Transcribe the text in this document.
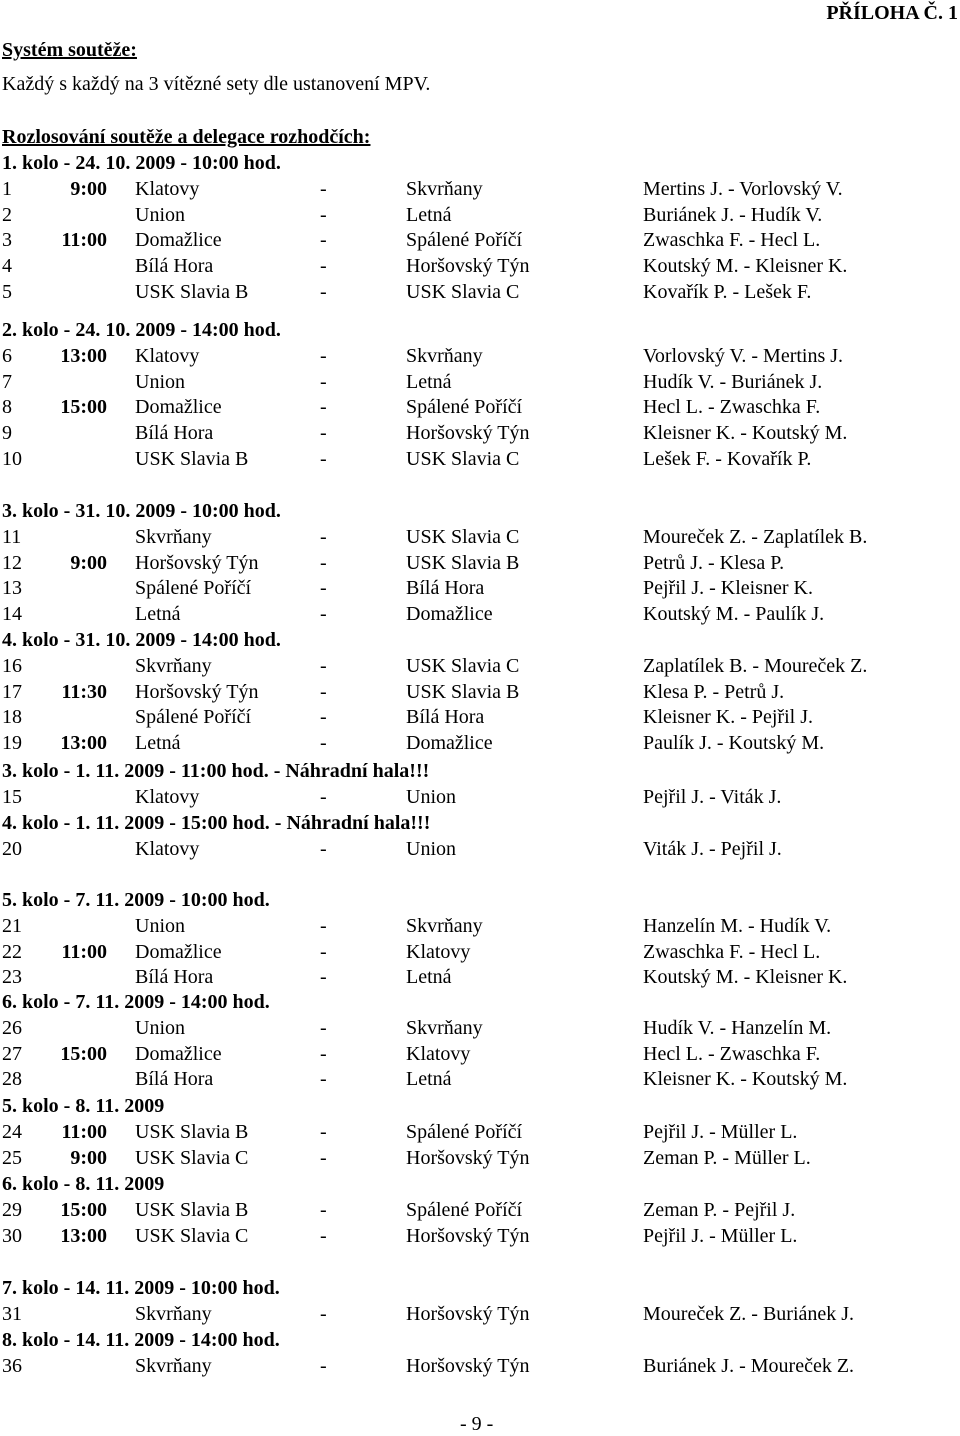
PŘÍLOHA Č. 1
Systém soutěže:
Každý s každý na 3 vítězné sety dle ustanovení MPV.
Rozlosování soutěže a delegace rozhodčích:
1. kolo - 24. 10. 2009 - 10:00 hod.
1	9:00 Klatovy	-	Skvrňany	Mertins J. - Vorlovský V.
2	Union	-	Letná	Buriánek J. - Hudík V.
3 11:00 Domažlice	-	Spálené Poříčí	Zwaschka F. - Hecl L.
4	Bílá Hora	-	Horšovský Týn	Koutský M. - Kleisner K.
5	USK Slavia B	-	USK Slavia C	Kovařík P. - Lešek F.
2. kolo - 24. 10. 2009 - 14:00 hod.
6 13:00 Klatovy	-	Skvrňany	Vorlovský V. - Mertins J.
7	Union	-	Letná	Hudík V. - Buriánek J.
8 15:00 Domažlice	-	Spálené Poříčí	Hecl L. - Zwaschka F.
9	Bílá Hora	-	Horšovský Týn	Kleisner K. - Koutský M.
10	USK Slavia B	-	USK Slavia C	Lešek F. - Kovařík P.
3. kolo - 31. 10. 2009 - 10:00 hod.
11	Skvrňany	-	USK Slavia C	Moureček Z. - Zaplatílek B.
12 9:00 Horšovský Týn	-	USK Slavia B	Petrů J. - Klesa P.
13	Spálené Poříčí	-	Bílá Hora	Pejřil J. - Kleisner K.
14	Letná	-	Domažlice	Koutský M. - Paulík J.
4. kolo - 31. 10. 2009 - 14:00 hod.
16	Skvrňany	-	USK Slavia C	Zaplatílek B. - Moureček Z.
17 11:30 Horšovský Týn	-	USK Slavia B	Klesa P. - Petrů J.
18	Spálené Poříčí	-	Bílá Hora	Kleisner K. - Pejřil J.
19 13:00 Letná	-	Domažlice	Paulík J. - Koutský M.
3. kolo - 1. 11. 2009 - 11:00 hod. - Náhradní hala!!!
15	Klatovy	-	Union	Pejřil J. - Viták J.
4. kolo - 1. 11. 2009 - 15:00 hod. - Náhradní hala!!!
20	Klatovy	-	Union	Viták J. - Pejřil J.
5. kolo - 7. 11. 2009 - 10:00 hod.
21	Union	-	Skvrňany	Hanzelín M. - Hudík V.
22 11:00 Domažlice	-	Klatovy	Zwaschka F. - Hecl L.
23	Bílá Hora	-	Letná	Koutský M. - Kleisner K.
6. kolo - 7. 11. 2009 - 14:00 hod.
26	Union	-	Skvrňany	Hudík V. - Hanzelín M.
27 15:00 Domažlice	-	Klatovy	Hecl L. - Zwaschka F.
28	Bílá Hora	-	Letná	Kleisner K. - Koutský M.
5. kolo - 8. 11. 2009
24 11:00 USK Slavia B	-	Spálené Poříčí	Pejřil J. - Müller L.
25 9:00 USK Slavia C	-	Horšovský Týn	Zeman P. - Müller L.
6. kolo - 8. 11. 2009
29 15:00 USK Slavia B	-	Spálené Poříčí	Zeman P. - Pejřil J.
30 13:00 USK Slavia C	-	Horšovský Týn	Pejřil J. - Müller L.
7. kolo - 14. 11. 2009 - 10:00 hod.
31	Skvrňany	-	Horšovský Týn	Moureček Z. - Buriánek J.
8. kolo - 14. 11. 2009 - 14:00 hod.
36	Skvrňany	-	Horšovský Týn	Buriánek J. - Moureček Z.
- 9 -
